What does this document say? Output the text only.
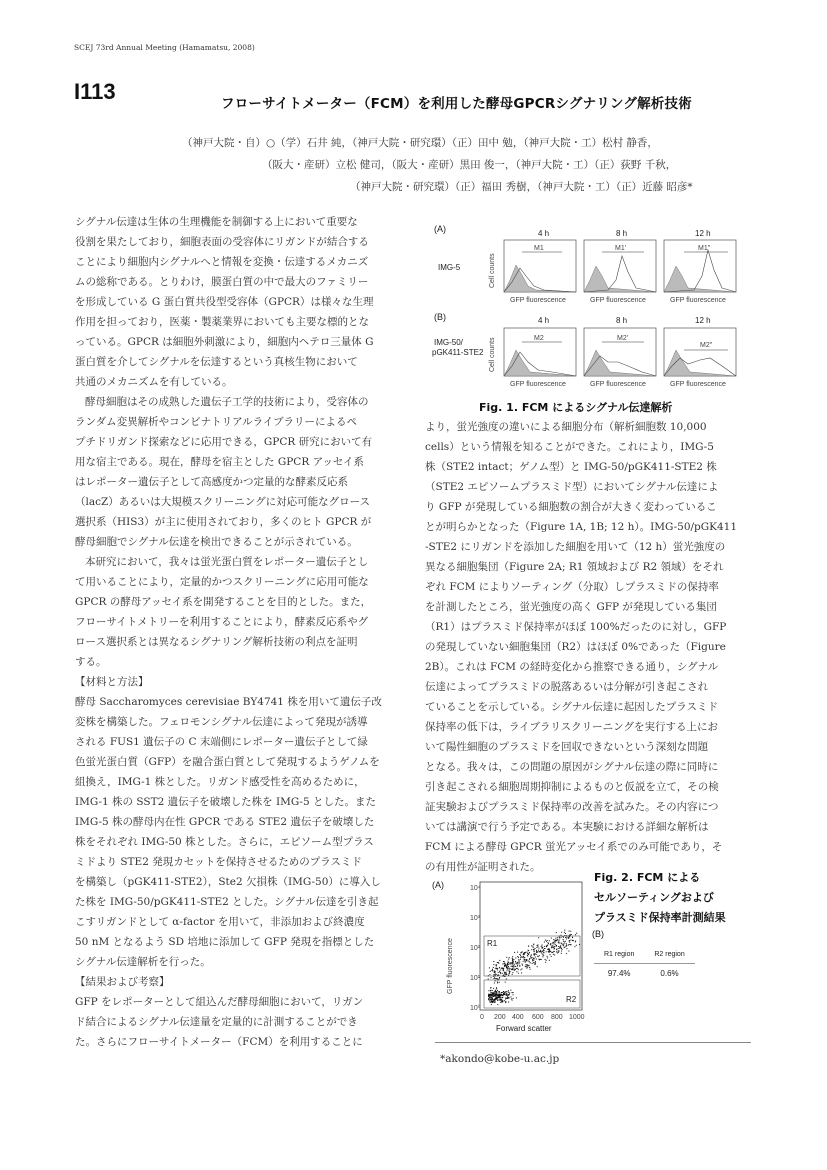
SCEJ 73rd Annual Meeting (Hamamatsu, 2008)
I113	フローサイトメーター（FCM）を利用した酵母GPCRシグナリング解析技術
（神戸大院・自）○（学）石井 純，（神戸大院・研究環）（正）田中 勉，（神戸大院・工）松村 静香，
（阪大・産研）立松 健司，（阪大・産研）黒田 俊一，（神戸大院・工）（正）荻野 千秋，
（神戸大院・研究環）（正）福田 秀樹，（神戸大院・工）（正）近藤 昭彦*

シグナル伝達は生体の生理機能を制御する上において重要な

役割を果たしており，細胞表面の受容体にリガンドが結合する

ことにより細胞内シグナルへと情報を変換・伝達するメカニズ

ムの総称である。とりわけ，膜蛋白質の中で最大のファミリー

を形成している G 蛋白質共役型受容体（GPCR）は様々な生理

作用を担っており，医薬・製薬業界においても主要な標的とな

っている。GPCR は細胞外刺激により，細胞内ヘテロ三量体 G

蛋白質を介してシグナルを伝達するという真核生物において

共通のメカニズムを有している。

酵母細胞はその成熟した遺伝子工学的技術により，受容体の

ランダム変異解析やコンビナトリアルライブラリーによるペ

プチドリガンド探索などに応用できる，GPCR 研究において有

用な宿主である。現在，酵母を宿主とした GPCR アッセイ系

はレポーター遺伝子として高感度かつ定量的な酵素反応系

（lacZ）あるいは大規模スクリーニングに対応可能なグロース

選択系（HIS3）が主に使用されており，多くのヒト GPCR が

酵母細胞でシグナル伝達を検出できることが示されている。

本研究において，我々は蛍光蛋白質をレポーター遺伝子とし

て用いることにより，定量的かつスクリーニングに応用可能な

GPCR の酵母アッセイ系を開発することを目的とした。また，

フローサイトメトリーを利用することにより，酵素反応系やグ

ロース選択系とは異なるシグナリング解析技術の利点を証明

する。

【材料と方法】

酵母 Saccharomyces cerevisiae BY4741 株を用いて遺伝子改

変株を構築した。フェロモンシグナル伝達によって発現が誘導

される FUS1 遺伝子の C 末端側にレポーター遺伝子として緑

色蛍光蛋白質（GFP）を融合蛋白質として発現するようゲノムを

組換え，IMG-1 株とした。リガンド感受性を高めるために，

IMG-1 株の SST2 遺伝子を破壊した株を IMG-5 とした。また

IMG-5 株の酵母内在性 GPCR である STE2 遺伝子を破壊した

株をそれぞれ IMG-50 株とした。さらに，エピソーム型プラス

ミドより STE2 発現カセットを保持させるためのプラスミド

を構築し（pGK411-STE2），Ste2 欠損株（IMG-50）に導入し

た株を IMG-50/pGK411-STE2 とした。シグナル伝達を引き起

こすリガンドとして α-factor を用いて，非添加および終濃度

50 nM となるよう SD 培地に添加して GFP 発現を指標とした

シグナル伝達解析を行った。

【結果および考察】

GFP をレポーターとして組込んだ酵母細胞において，リガン

ド結合によるシグナル伝達量を定量的に計測することができ

た。さらにフローサイトメーター（FCM）を利用することに

(A)
(B)
IMG-5
IMG-50/
pGK411-STE2
4 h	8 h	12 h
4 h	8 h	12 h
M1	M1'	M1"
Cell counts
GFP fluorescence	GFP fluorescence	GFP fluorescence
M2	M2'
M2"
Cell counts
GFP fluorescence	GFP fluorescence	GFP fluorescence
Fig. 1. FCM によるシグナル伝達解析

より，蛍光強度の違いによる細胞分布（解析細胞数 10,000

cells）という情報を知ることができた。これにより，IMG-5

株（STE2 intact；ゲノム型）と IMG-50/pGK411-STE2 株

（STE2 エピソームプラスミド型）においてシグナル伝達によ

り GFP が発現している細胞数の割合が大きく変わっているこ

とが明らかとなった（Figure 1A, 1B; 12 h）。IMG-50/pGK411

-STE2 にリガンドを添加した細胞を用いて（12 h）蛍光強度の

異なる細胞集団（Figure 2A; R1 領域および R2 領域）をそれ

ぞれ FCM によりソーティング（分取）しプラスミドの保持率

を計測したところ，蛍光強度の高く GFP が発現している集団

（R1）はプラスミド保持率がほぼ 100%だったのに対し，GFP

の発現していない細胞集団（R2）はほぼ 0%であった（Figure

2B）。これは FCM の経時変化から推察できる通り，シグナル

伝達によってプラスミドの脱落あるいは分解が引き起こされ

ていることを示している。シグナル伝達に起因したプラスミド

保持率の低下は，ライブラリスクリーニングを実行する上にお

いて陽性細胞のプラスミドを回収できないという深刻な問題

となる。我々は，この問題の原因がシグナル伝達の際に同時に

引き起こされる細胞周期抑制によるものと仮説を立て，その検

証実験およびプラスミド保持率の改善を試みた。その内容につ

いては講演で行う予定である。本実験における詳細な解析は

FCM による酵母 GPCR 蛍光アッセイ系でのみ可能であり，そ

の有用性が証明された。

(A)
R1
R2
GFP fluorescence
10⁰
10¹
10²
10³
10⁴
0 200 400 600 800 1000
Forward scatter
Fig. 2. FCM による
セルソーティングおよび
プラスミド保持率計測結果
(B)
R1 region	R2 region
97.4%	0.6%
*akondo@kobe-u.ac.jp
